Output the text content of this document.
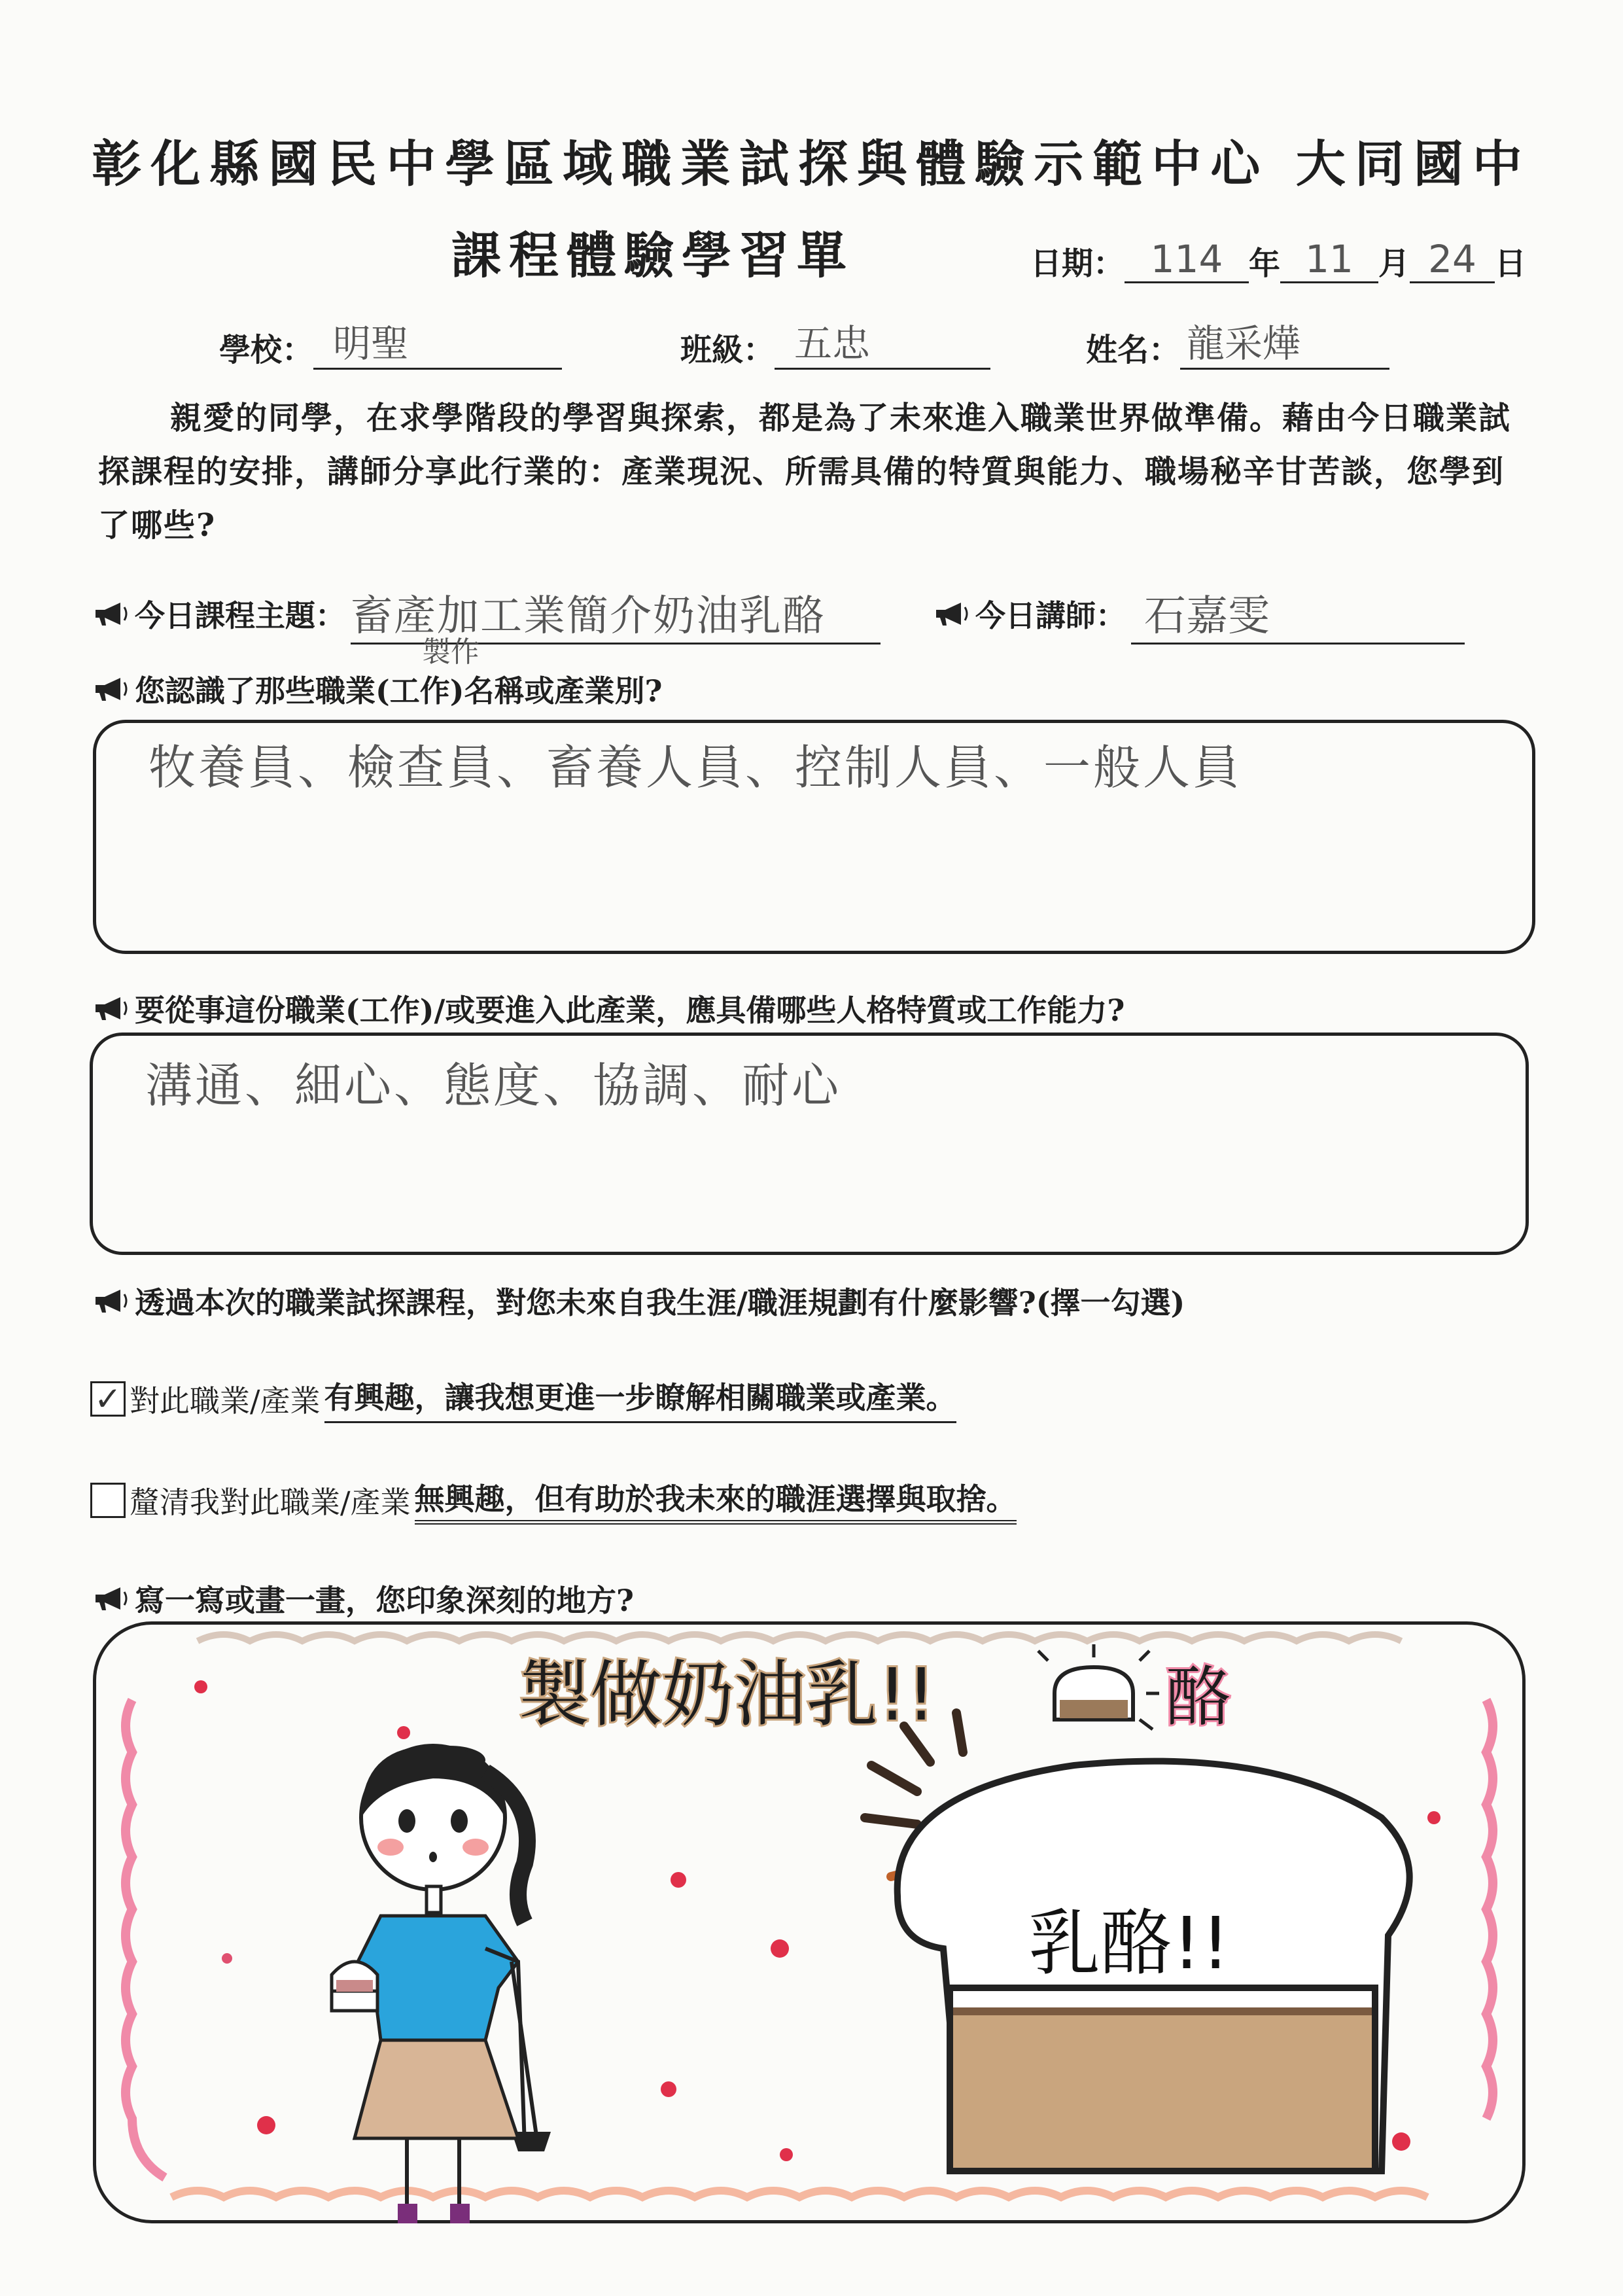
彰化縣國民中學區域職業試探與體驗示範中心 大同國中
課程體驗學習單	日期： 114 年 11 月 24 日
學校： 明聖	班級： 五忠	姓名： 龍采燁
親愛的同學，在求學階段的學習與探索，都是為了未來進入職業世界做準備。藉由今日職業試探課程的安排，講師分享此行業的：產業現況、所需具備的特質與能力、職場秘辛甘苦談，您學到了哪些?
今日課程主題： 畜產加工業簡介奶油乳酪
製作
今日講師： 石嘉雯
您認識了那些職業(工作)名稱或產業別?
牧養員、檢查員、畜養人員、控制人員、一般人員
要從事這份職業(工作)/或要進入此產業，應具備哪些人格特質或工作能力?
溝通、細心、態度、協調、耐心
透過本次的職業試探課程，對您未來自我生涯/職涯規劃有什麼影響?(擇一勾選)
✓ 對此職業/產業 有興趣，讓我想更進一步瞭解相關職業或產業。
釐清我對此職業/產業 無興趣，但有助於我未來的職涯選擇與取捨。
寫一寫或畫一畫，您印象深刻的地方?
製做奶油乳!!	酪
乳酪!!
